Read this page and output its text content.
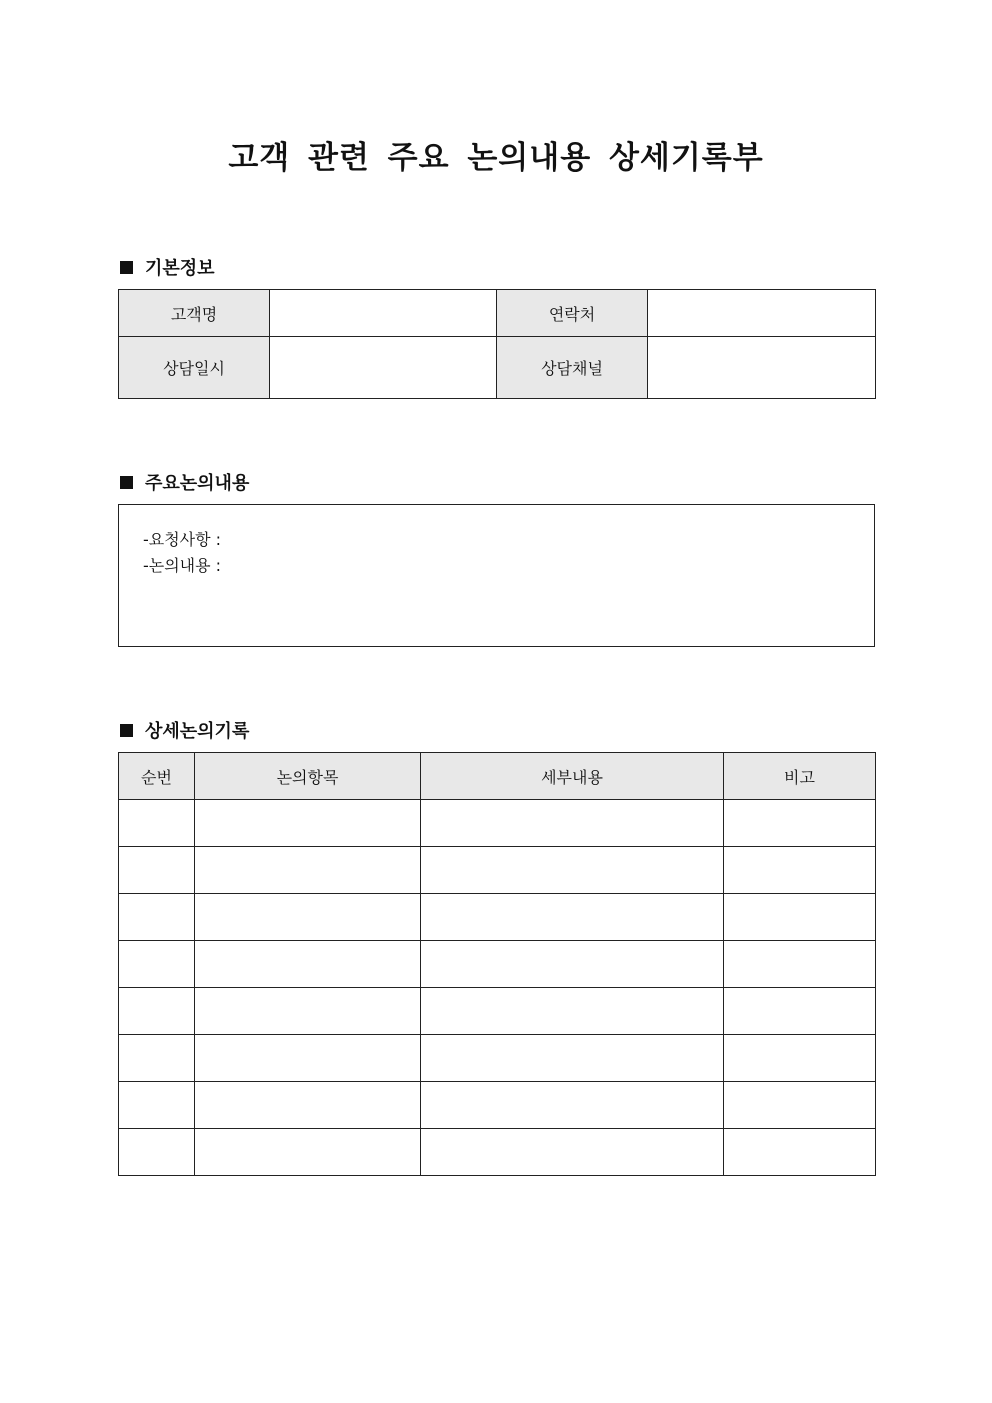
고객 관련 주요 논의내용 상세기록부
기본정보
고객명		연락처	
상담일시		상담채널	
주요논의내용
-요청사항 :
-논의내용 :
상세논의기록
순번	논의항목	세부내용	비고
